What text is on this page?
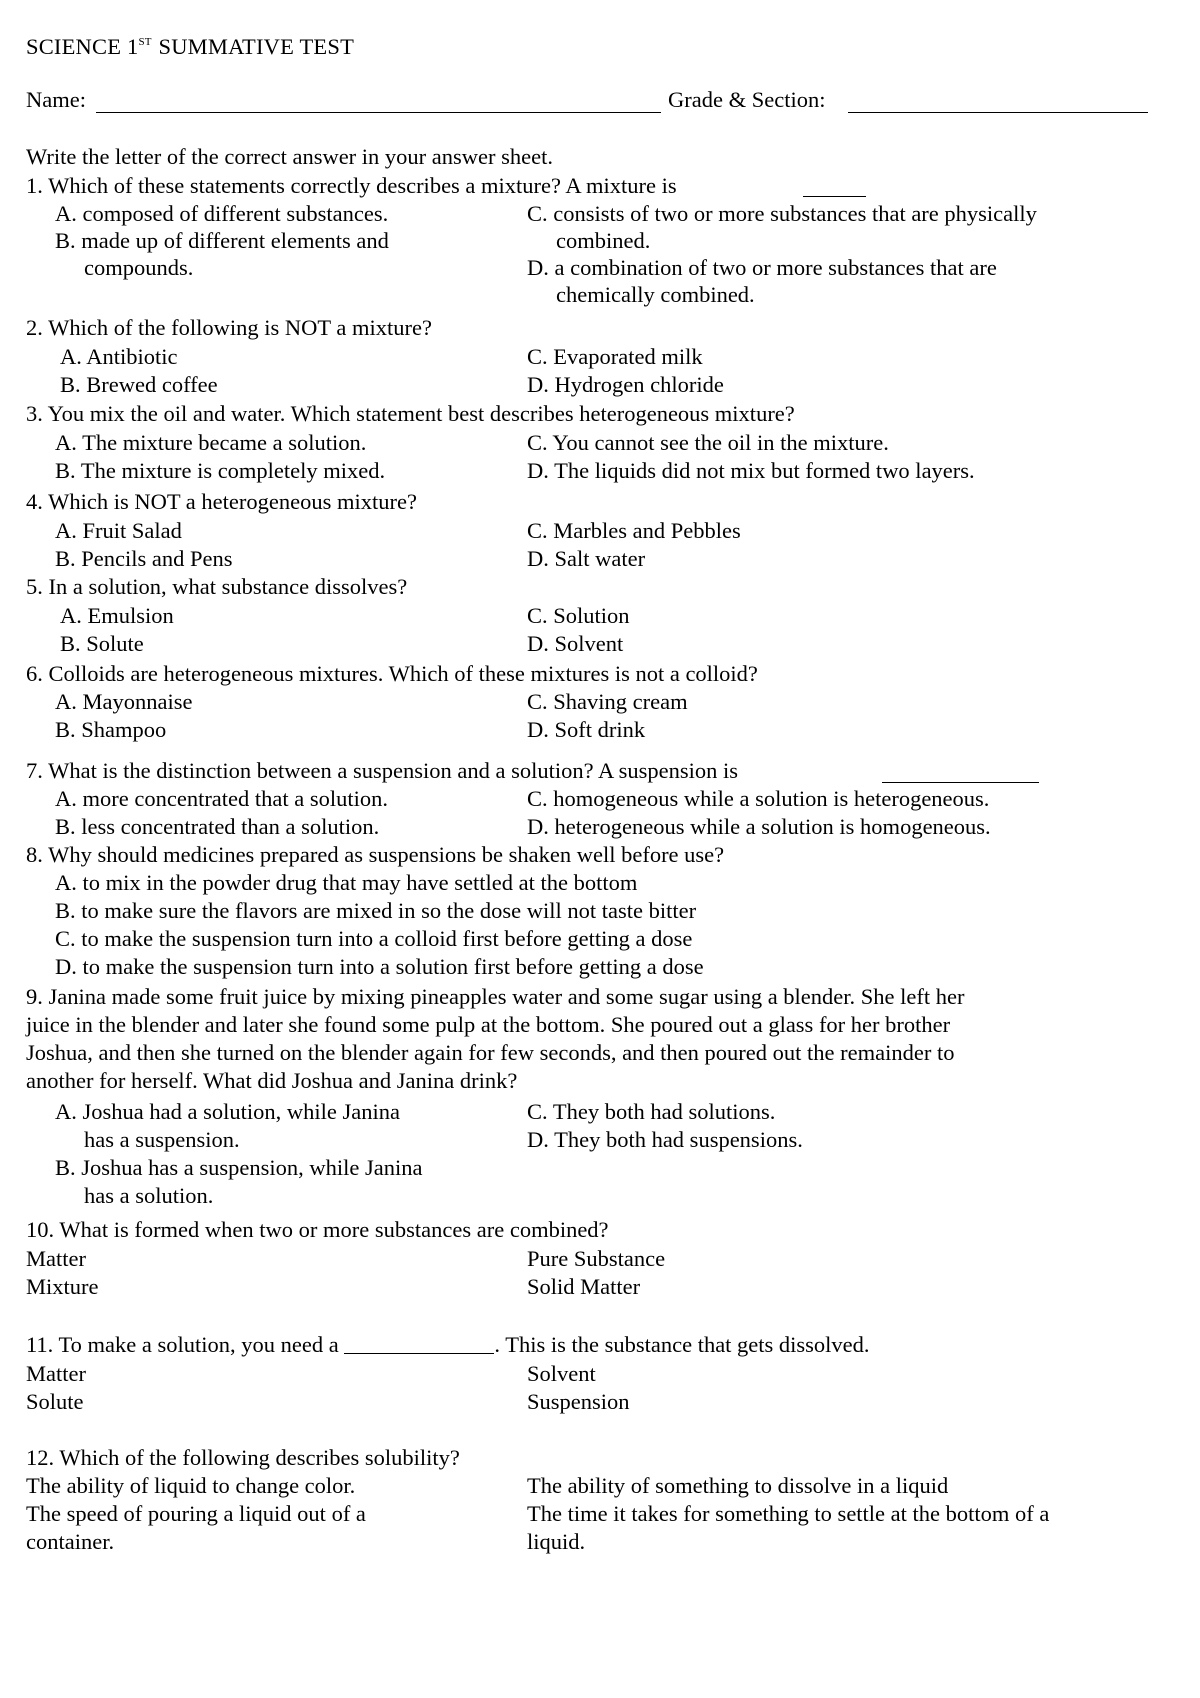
SCIENCE 1ST SUMMATIVE TEST
Name:	Grade & Section:
Write the letter of the correct answer in your answer sheet.
1. Which of these statements correctly describes a mixture? A mixture is
A. composed of different substances.
B. made up of different elements and
compounds.
C. consists of two or more substances that are physically
combined.
D. a combination of two or more substances that are
chemically combined.
2. Which of the following is NOT a mixture?
A. Antibiotic
B. Brewed coffee
C. Evaporated milk
D. Hydrogen chloride
3. You mix the oil and water. Which statement best describes heterogeneous mixture?
A. The mixture became a solution.
B. The mixture is completely mixed.
C. You cannot see the oil in the mixture.
D. The liquids did not mix but formed two layers.
4. Which is NOT a heterogeneous mixture?
A. Fruit Salad
B. Pencils and Pens
C. Marbles and Pebbles
D. Salt water
5. In a solution, what substance dissolves?
A. Emulsion
B. Solute
C. Solution
D. Solvent
6. Colloids are heterogeneous mixtures. Which of these mixtures is not a colloid?
A. Mayonnaise
B. Shampoo
C. Shaving cream
D. Soft drink
7. What is the distinction between a suspension and a solution? A suspension is
A. more concentrated that a solution.
B. less concentrated than a solution.
C. homogeneous while a solution is heterogeneous.
D. heterogeneous while a solution is homogeneous.
8. Why should medicines prepared as suspensions be shaken well before use?
A. to mix in the powder drug that may have settled at the bottom
B. to make sure the flavors are mixed in so the dose will not taste bitter
C. to make the suspension turn into a colloid first before getting a dose
D. to make the suspension turn into a solution first before getting a dose
9. Janina made some fruit juice by mixing pineapples water and some sugar using a blender. She left her
juice in the blender and later she found some pulp at the bottom. She poured out a glass for her brother
Joshua, and then she turned on the blender again for few seconds, and then poured out the remainder to
another for herself. What did Joshua and Janina drink?
A. Joshua had a solution, while Janina
has a suspension.
B. Joshua has a suspension, while Janina
has a solution.
C. They both had solutions.
D. They both had suspensions.
10. What is formed when two or more substances are combined?
Matter
Mixture
Pure Substance
Solid Matter
11. To make a solution, you need a	. This is the substance that gets dissolved.
Matter
Solute
Solvent
Suspension
12. Which of the following describes solubility?
The ability of liquid to change color.
The speed of pouring a liquid out of a
container.
The ability of something to dissolve in a liquid
The time it takes for something to settle at the bottom of a
liquid.
